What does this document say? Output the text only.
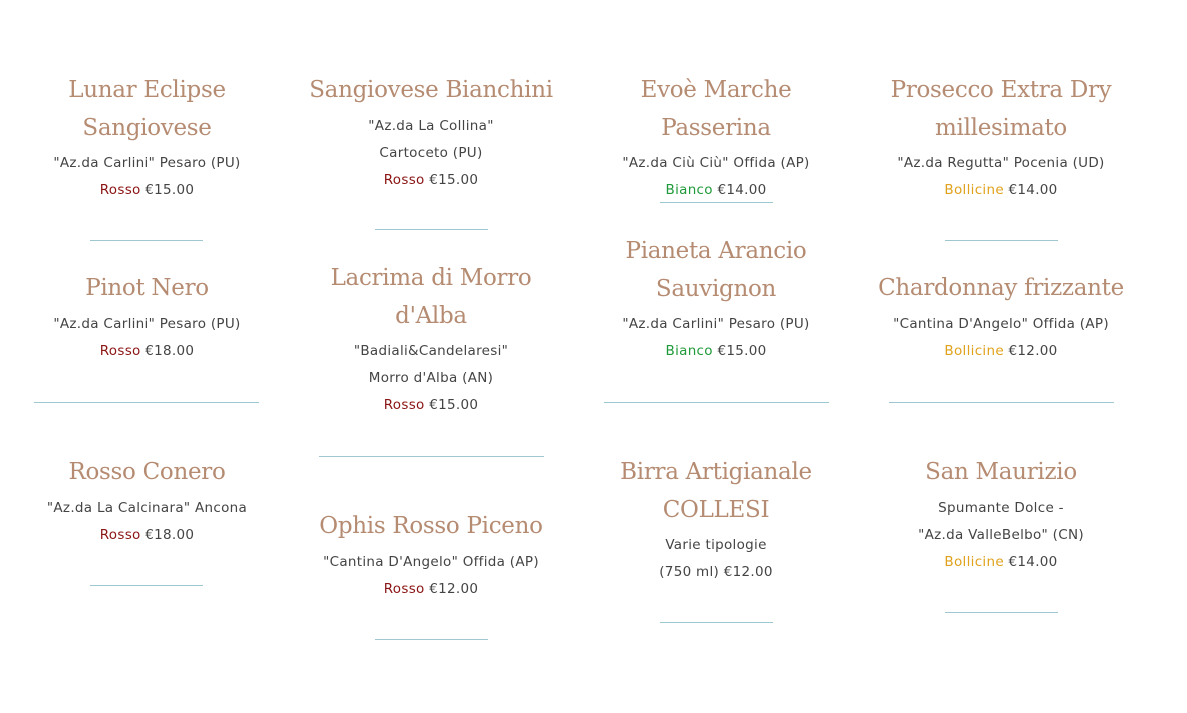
Lunar Eclipse Sangiovese
"Az.da Carlini" Pesaro (PU)
Rosso €15.00
Pinot Nero
"Az.da Carlini" Pesaro (PU)
Rosso €18.00
Rosso Conero
"Az.da La Calcinara" Ancona
Rosso €18.00
Sangiovese Bianchini
"Az.da La Collina"
Cartoceto (PU)
Rosso €15.00
Lacrima di Morro d'Alba
"Badiali&Candelaresi"
Morro d'Alba (AN)
Rosso €15.00
Ophis Rosso Piceno
"Cantina D'Angelo" Offida (AP)
Rosso €12.00
Evoè Marche Passerina
"Az.da Ciù Ciù" Offida (AP)
Bianco €14.00
Pianeta Arancio Sauvignon
"Az.da Carlini" Pesaro (PU)
Bianco €15.00
Birra Artigianale COLLESI
Varie tipologie
(750 ml) €12.00
Prosecco Extra Dry millesimato
"Az.da Regutta" Pocenia (UD)
Bollicine €14.00
Chardonnay frizzante
"Cantina D'Angelo" Offida (AP)
Bollicine €12.00
San Maurizio
Spumante Dolce -
"Az.da ValleBelbo" (CN)
Bollicine €14.00
